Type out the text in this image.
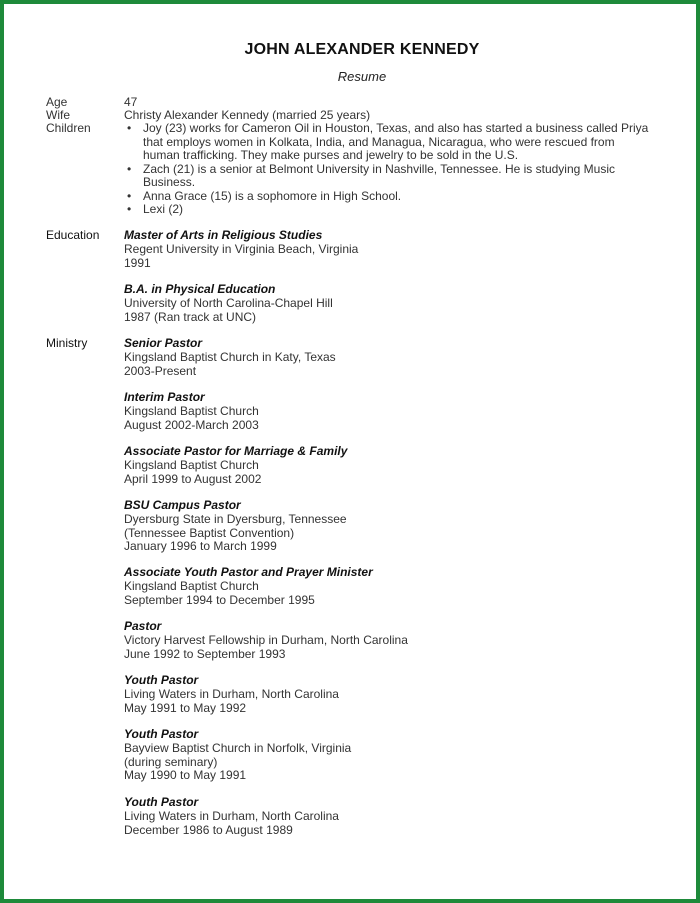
JOHN ALEXANDER KENNEDY
Resume
Age	47
Wife	Christy Alexander Kennedy (married 25 years)
Children
•	Joy (23) works for Cameron Oil in Houston, Texas, and also has started a business called Priya that employs women in Kolkata, India, and Managua, Nicaragua, who were rescued from human trafficking. They make purses and jewelry to be sold in the U.S.
• Zach (21) is a senior at Belmont University in Nashville, Tennessee. He is studying Music Business.
• Anna Grace (15) is a sophomore in High School.
• Lexi (2)
Education Master of Arts in Religious Studies
Regent University in Virginia Beach, Virginia
1991
B.A. in Physical Education
University of North Carolina-Chapel Hill
1987 (Ran track at UNC)
Ministry	Senior Pastor
Kingsland Baptist Church in Katy, Texas
2003-Present
Interim Pastor
Kingsland Baptist Church
August 2002-March 2003
Associate Pastor for Marriage & Family
Kingsland Baptist Church
April 1999 to August 2002
BSU Campus Pastor
Dyersburg State in Dyersburg, Tennessee
(Tennessee Baptist Convention)
January 1996 to March 1999
Associate Youth Pastor and Prayer Minister
Kingsland Baptist Church
September 1994 to December 1995
Pastor
Victory Harvest Fellowship in Durham, North Carolina
June 1992 to September 1993
Youth Pastor
Living Waters in Durham, North Carolina
May 1991 to May 1992
Youth Pastor
Bayview Baptist Church in Norfolk, Virginia
(during seminary)
May 1990 to May 1991
Youth Pastor
Living Waters in Durham, North Carolina
December 1986 to August 1989
